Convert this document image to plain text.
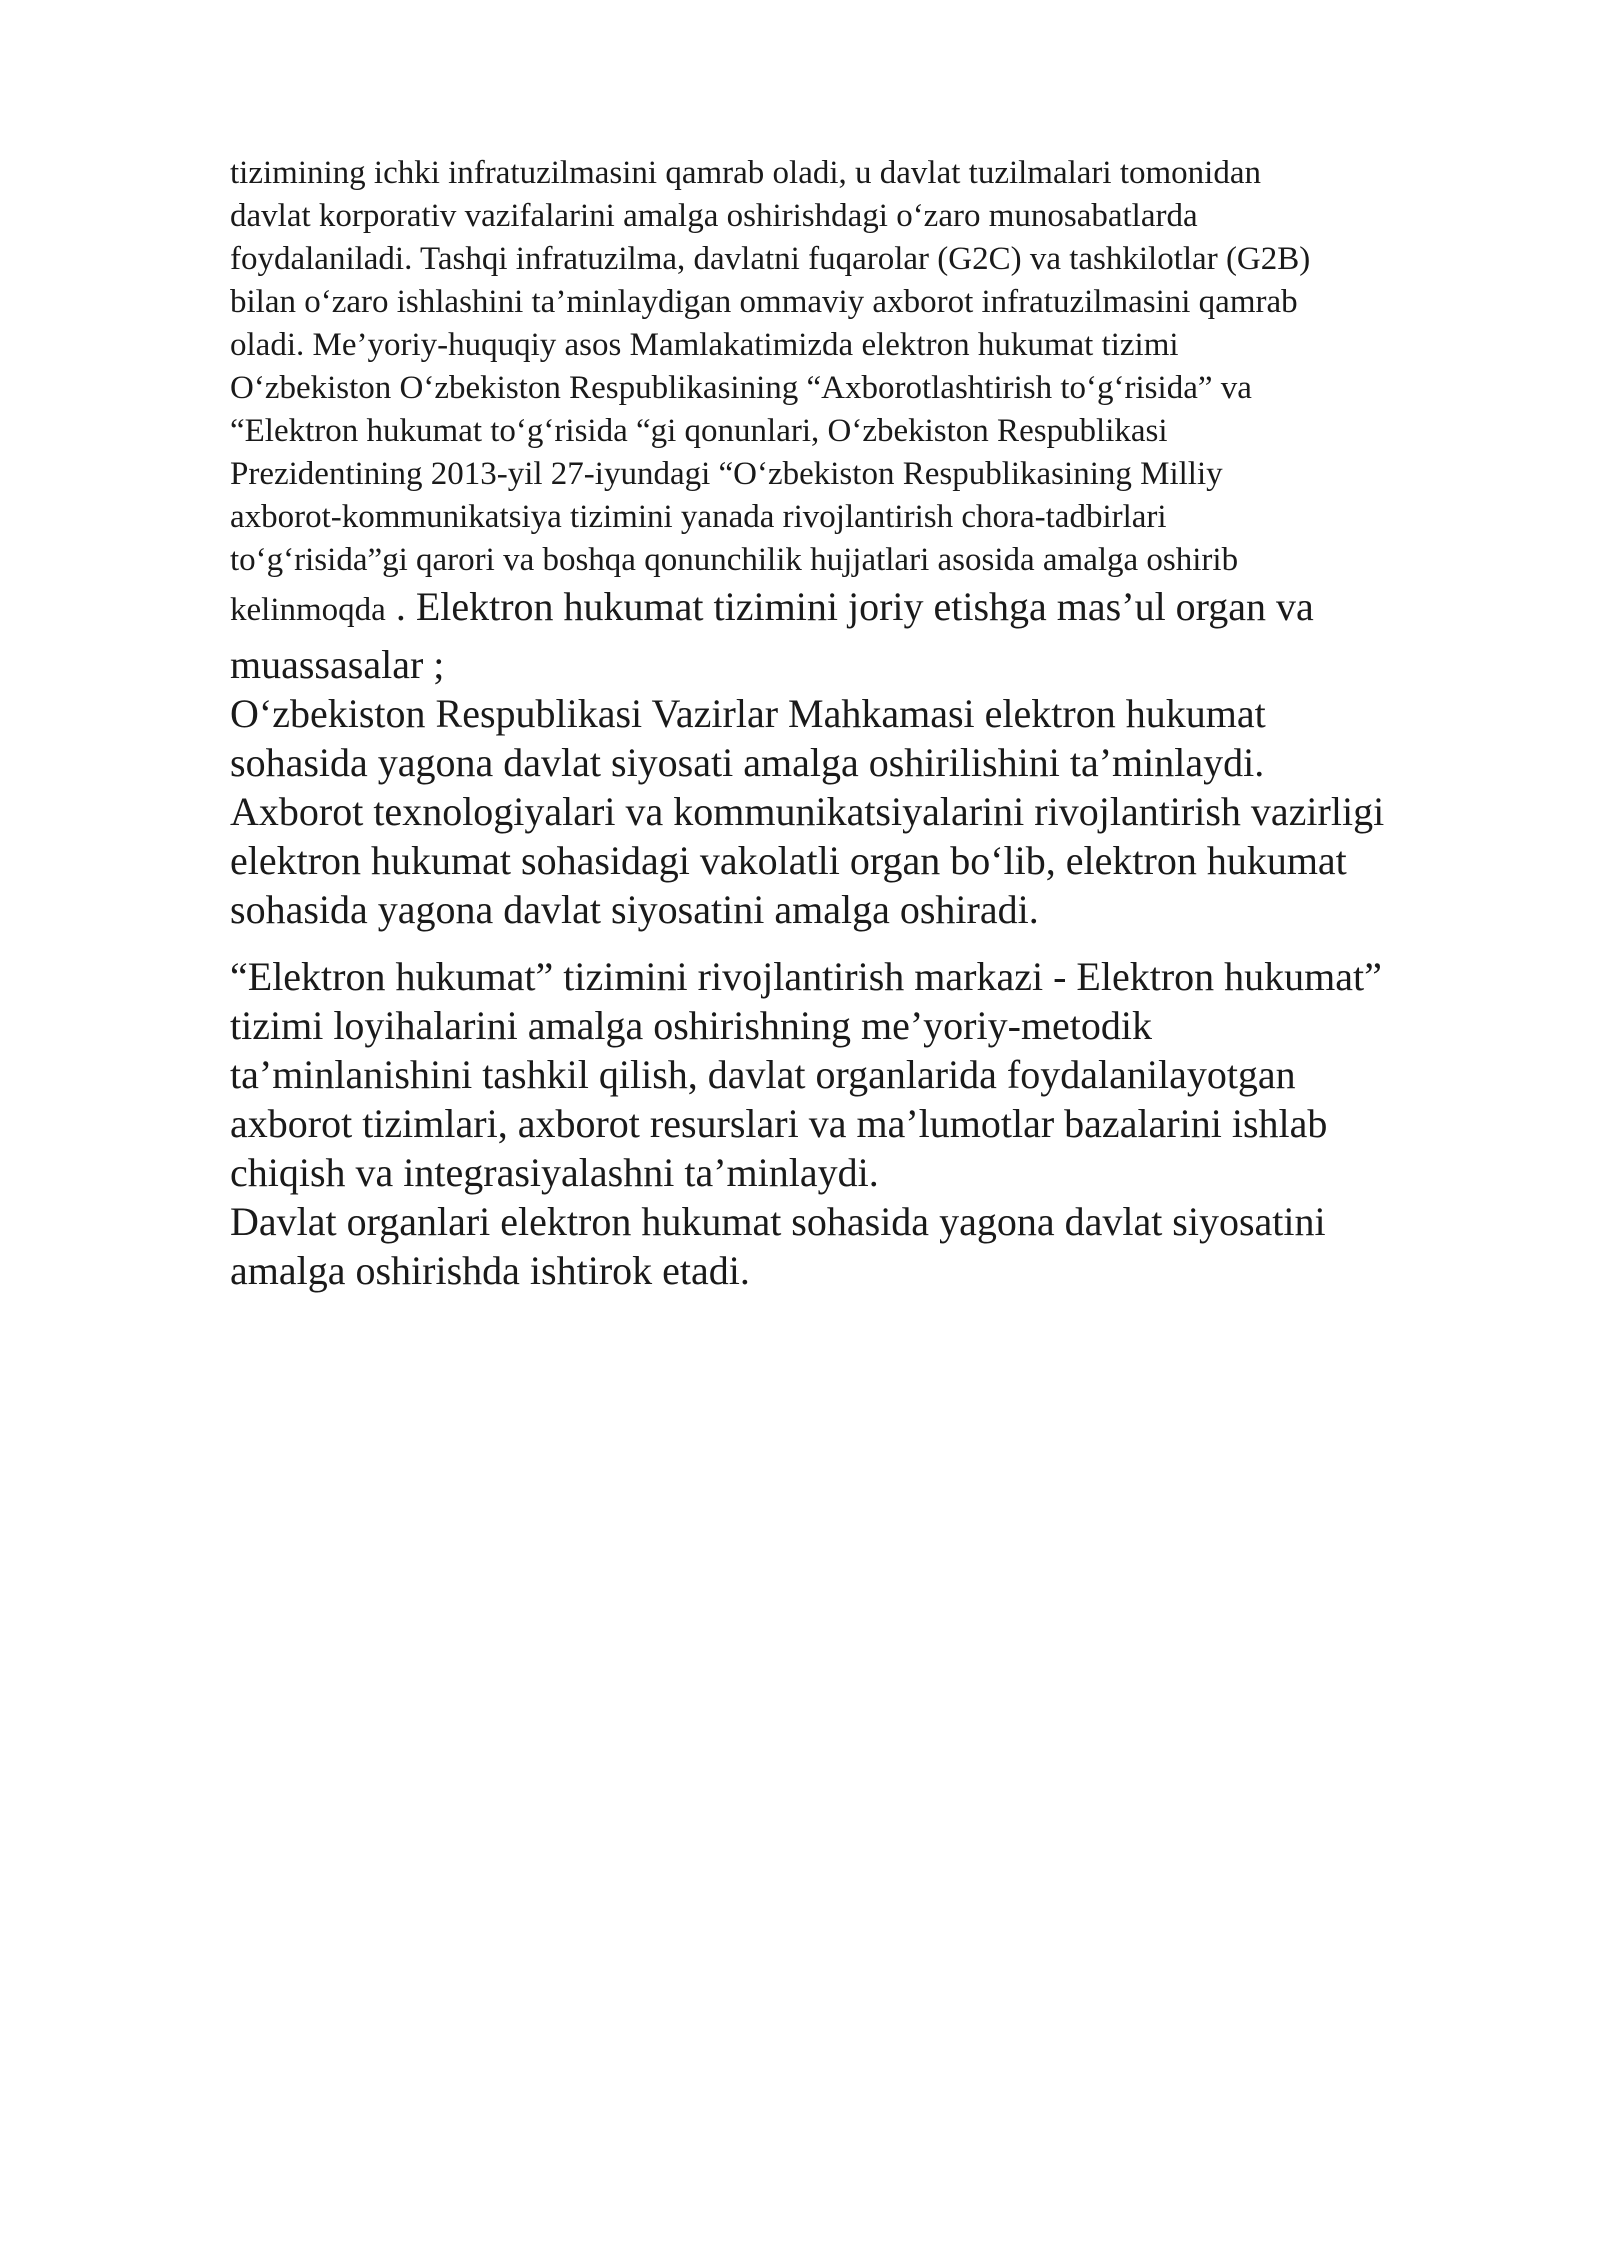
tizimining ichki infratuzilmasini qamrab oladi, u davlat tuzilmalari tomonidan
davlat korporativ vazifalarini amalga oshirishdagi o‘zaro munosabatlarda
foydalaniladi. Tashqi infratuzilma, davlatni fuqarolar (G2C) va tashkilotlar (G2B)
bilan o‘zaro ishlashini ta’minlaydigan ommaviy axborot infratuzilmasini qamrab
oladi. Me’yoriy-huquqiy asos Mamlakatimizda elektron hukumat tizimi
O‘zbekiston O‘zbekiston Respublikasining “Axborotlashtirish to‘g‘risida” va
“Elektron hukumat to‘g‘risida “gi qonunlari, O‘zbekiston Respublikasi
Prezidentining 2013-yil 27-iyundagi “O‘zbekiston Respublikasining Milliy
axborot-kommunikatsiya tizimini yanada rivojlantirish chora-tadbirlari
to‘g‘risida”gi qarori va boshqa qonunchilik hujjatlari asosida amalga oshirib

kelinmoqda . Elektron hukumat tizimini joriy etishga mas’ul organ va
muassasalar ;
O‘zbekiston Respublikasi Vazirlar Mahkamasi elektron hukumat
sohasida yagona davlat siyosati amalga oshirilishini ta’minlaydi.
Axborot texnologiyalari va kommunikatsiyalarini rivojlantirish vazirligi
elektron hukumat sohasidagi vakolatli organ bo‘lib, elektron hukumat
sohasida yagona davlat siyosatini amalga oshiradi.
“Elektron hukumat” tizimini rivojlantirish markazi - Elektron hukumat”
tizimi loyihalarini amalga oshirishning me’yoriy-metodik
ta’minlanishini tashkil qilish, davlat organlarida foydalanilayotgan
axborot tizimlari, axborot resurslari va ma’lumotlar bazalarini ishlab
chiqish va integrasiyalashni ta’minlaydi.
Davlat organlari elektron hukumat sohasida yagona davlat siyosatini
amalga oshirishda ishtirok etadi.
